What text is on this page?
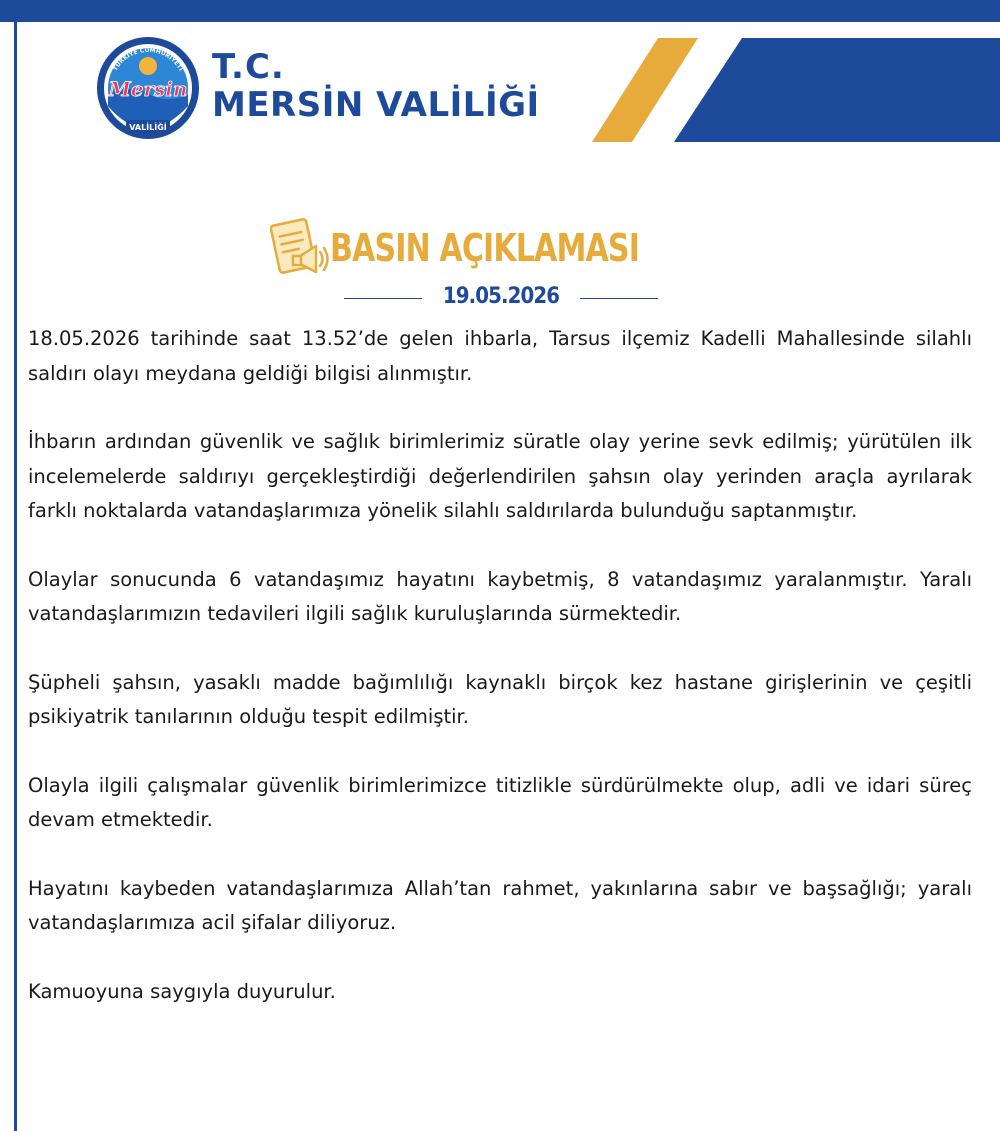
TÜRKİYE CUMHURİYETİ
Mersin
VALİLİĞİ
T.C.
MERSİN VALİLİĞİ
BASIN AÇIKLAMASI
19.05.2026

18.05.2026 tarihinde saat 13.52’de gelen ihbarla, Tarsus ilçemiz Kadelli Mahallesinde silahlı saldırı olayı meydana geldiği bilgisi alınmıştır.

İhbarın ardından güvenlik ve sağlık birimlerimiz süratle olay yerine sevk edilmiş; yürütülen ilk incelemelerde saldırıyı gerçekleştirdiği değerlendirilen şahsın olay yerinden araçla ayrılarak farklı noktalarda vatandaşlarımıza yönelik silahlı saldırılarda bulunduğu saptanmıştır.

Olaylar sonucunda 6 vatandaşımız hayatını kaybetmiş, 8 vatandaşımız yaralanmıştır. Yaralı vatandaşlarımızın tedavileri ilgili sağlık kuruluşlarında sürmektedir.

Şüpheli şahsın, yasaklı madde bağımlılığı kaynaklı birçok kez hastane girişlerinin ve çeşitli psikiyatrik tanılarının olduğu tespit edilmiştir.

Olayla ilgili çalışmalar güvenlik birimlerimizce titizlikle sürdürülmekte olup, adli ve idari süreç devam etmektedir.

Hayatını kaybeden vatandaşlarımıza Allah’tan rahmet, yakınlarına sabır ve başsağlığı; yaralı vatandaşlarımıza acil şifalar diliyoruz.

Kamuoyuna saygıyla duyurulur.
